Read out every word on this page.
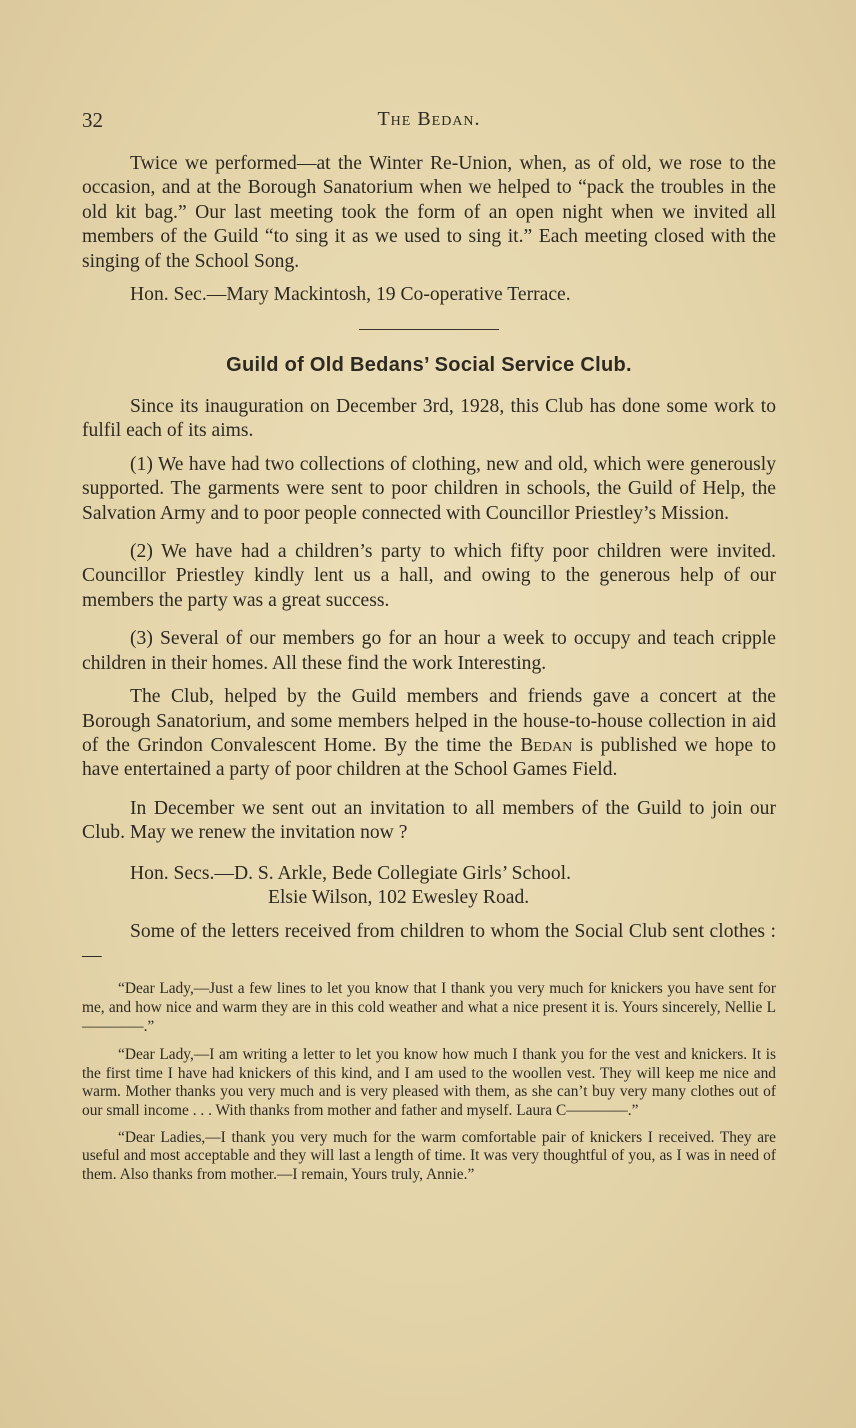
32	The Bedan.

Twice we performed—at the Winter Re-Union, when, as of old, we rose to the occasion, and at the Borough Sanatorium when we helped to “pack the troubles in the old kit bag.” Our last meeting took the form of an open night when we invited all members of the Guild “to sing it as we used to sing it.” Each meeting closed with the singing of the School Song.

Hon. Sec.—Mary Mackintosh, 19 Co-operative Terrace.

Guild of Old Bedans’ Social Service Club.

Since its inauguration on December 3rd, 1928, this Club has done some work to fulfil each of its aims.

(1) We have had two collections of clothing, new and old, which were generously supported. The garments were sent to poor children in schools, the Guild of Help, the Salvation Army and to poor people connected with Councillor Priestley’s Mission.

(2) We have had a children’s party to which fifty poor children were invited. Councillor Priestley kindly lent us a hall, and owing to the generous help of our members the party was a great success.

(3) Several of our members go for an hour a week to occupy and teach cripple children in their homes. All these find the work Interesting.

The Club, helped by the Guild members and friends gave a concert at the Borough Sanatorium, and some members helped in the house-to-house collection in aid of the Grindon Convalescent Home. By the time the Bedan is published we hope to have entertained a party of poor children at the School Games Field.

In December we sent out an invitation to all members of the Guild to join our Club. May we renew the invitation now ?

Hon. Secs.—D. S. Arkle, Bede Collegiate Girls’ School.
Elsie Wilson, 102 Ewesley Road.

Some of the letters received from children to whom the Social Club sent clothes :—

“Dear Lady,—Just a few lines to let you know that I thank you very much for knickers you have sent for me, and how nice and warm they are in this cold weather and what a nice present it is. Yours sincerely, Nellie L————.”

“Dear Lady,—I am writing a letter to let you know how much I thank you for the vest and knickers. It is the first time I have had knickers of this kind, and I am used to the woollen vest. They will keep me nice and warm. Mother thanks you very much and is very pleased with them, as she can’t buy very many clothes out of our small income . . . With thanks from mother and father and myself. Laura C————.”

“Dear Ladies,—I thank you very much for the warm comfortable pair of knickers I received. They are useful and most acceptable and they will last a length of time. It was very thoughtful of you, as I was in need of them. Also thanks from mother.—I remain, Yours truly, Annie.”
